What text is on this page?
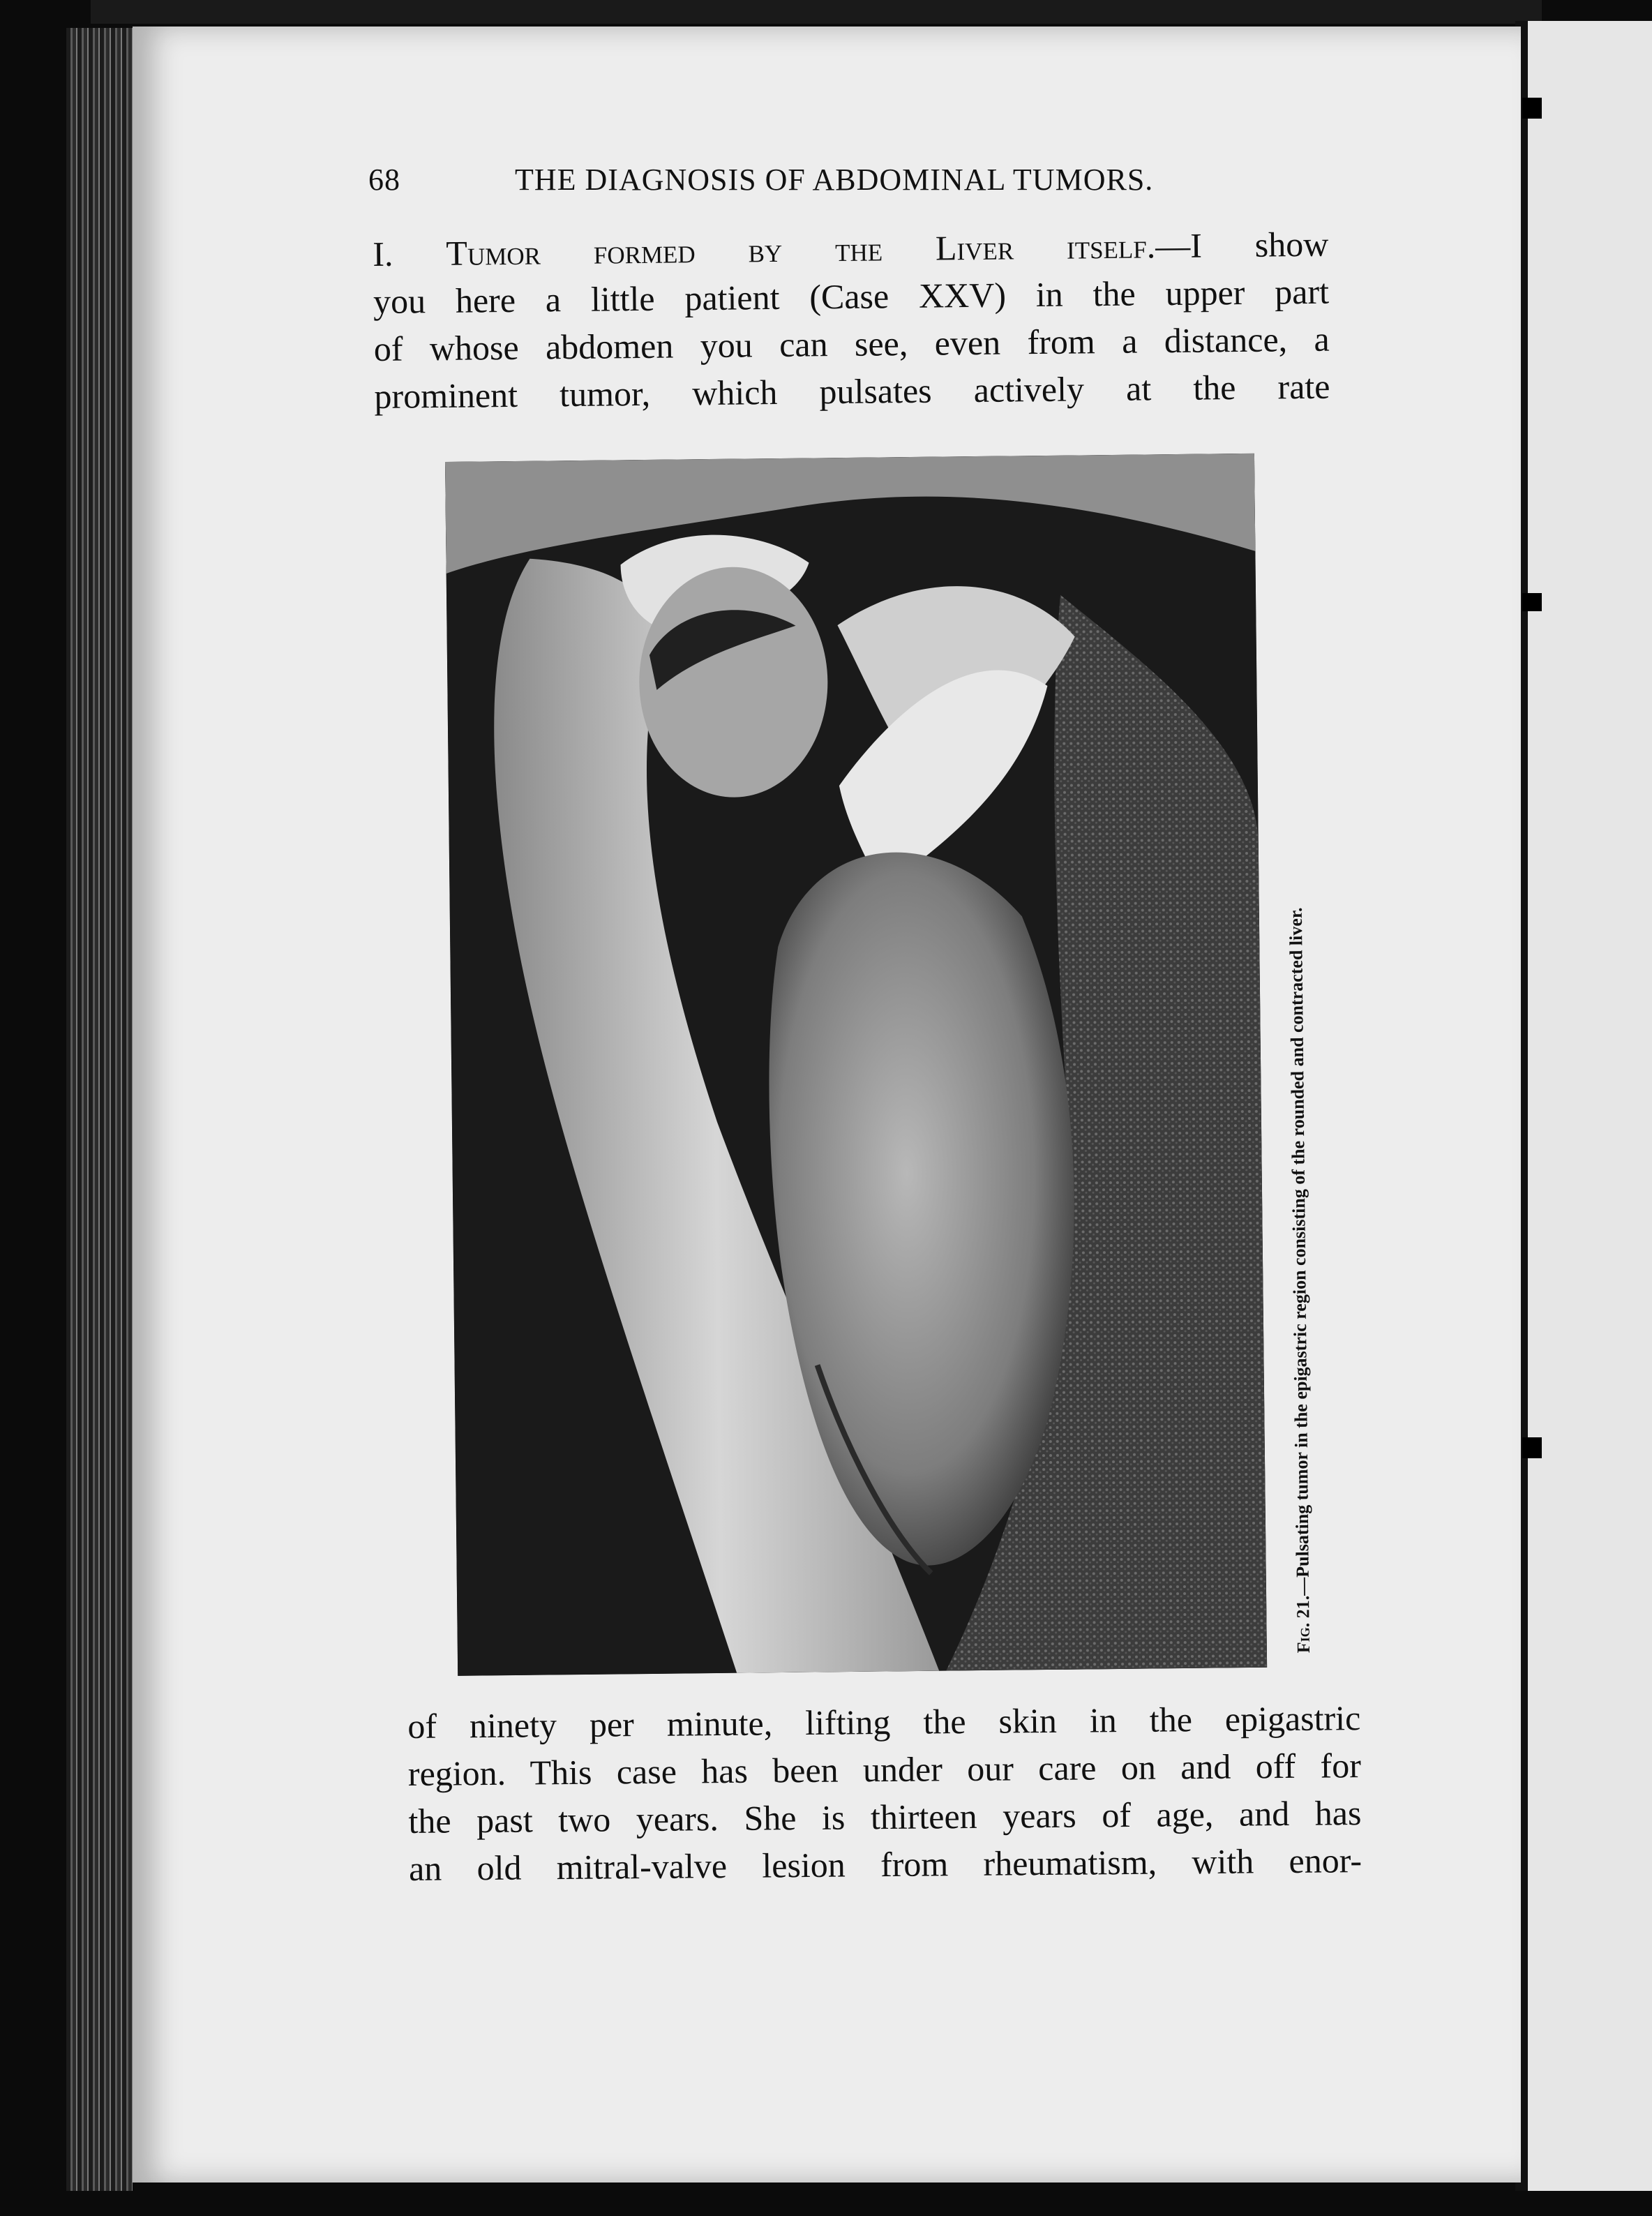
68	THE DIAGNOSIS OF ABDOMINAL TUMORS.
I. Tumor formed by the Liver itself.—I show
you here a little patient (Case XXV) in the upper part
of whose abdomen you can see, even from a distance, a
prominent tumor, which pulsates actively at the rate
Fig. 21.—Pulsating tumor in the epigastric region consisting of the rounded and contracted liver.
of ninety per minute, lifting the skin in the epigastric
region. This case has been under our care on and off for
the past two years. She is thirteen years of age, and has
an old mitral-valve lesion from rheumatism, with enor-
